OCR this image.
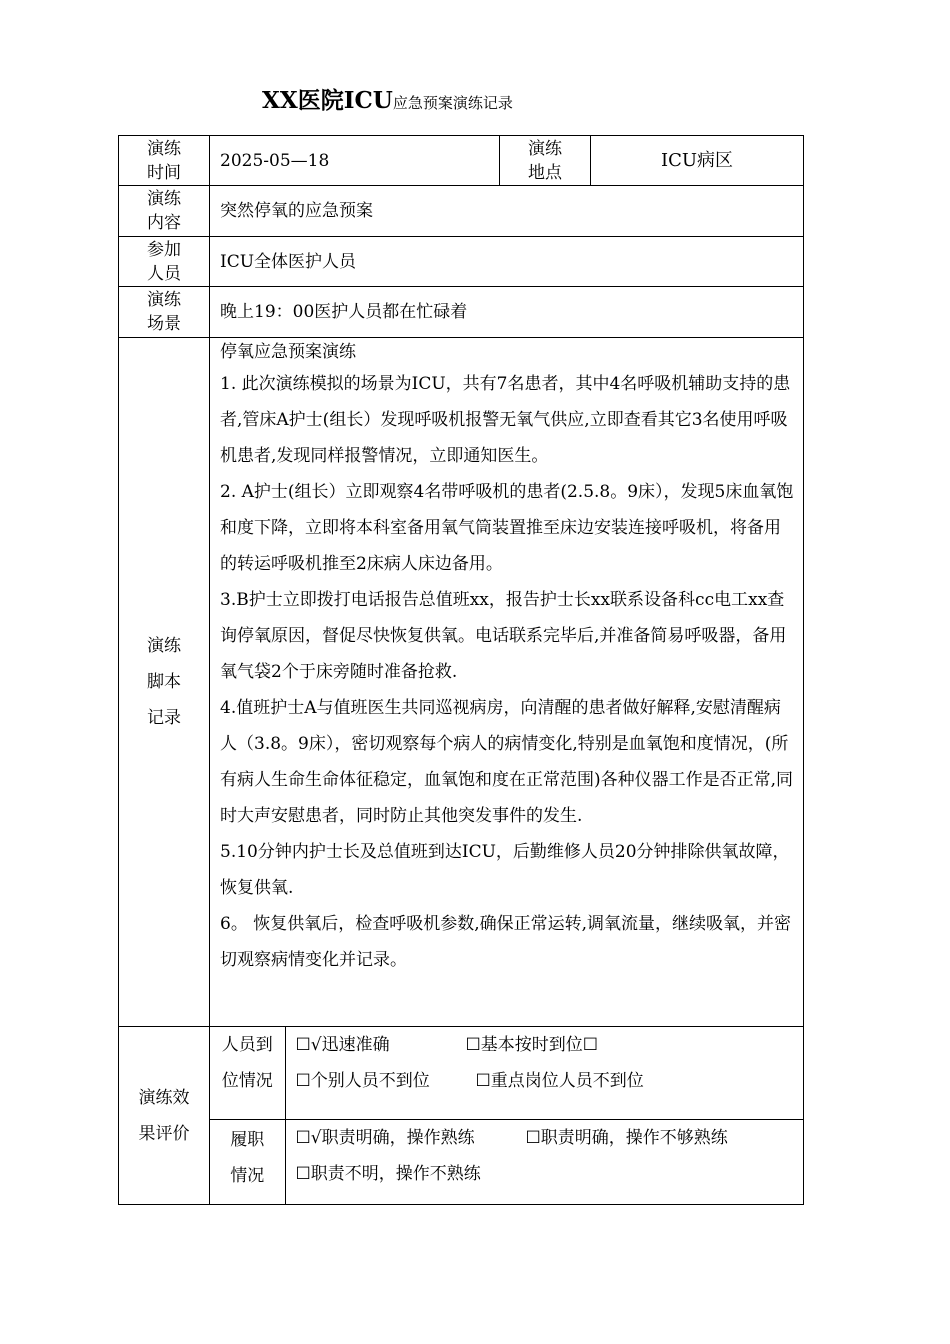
XX医院ICU应急预案演练记录
演练时间
	2025-05—18	
演练地点
	ICU病区

演练内容
	突然停氧的应急预案

参加人员
	ICU全体医护人员

演练场景
	晚上19：00医护人员都在忙碌着

演练
脚本
记录

停氧应急预案演练

1. 此次演练模拟的场景为ICU，共有7名患者，其中4名呼吸机辅助支持的患者,管床A护士(组长）发现呼吸机报警无氧气供应,立即查看其它3名使用呼吸机患者,发现同样报警情况，立即通知医生。

2. A护士(组长）立即观察4名带呼吸机的患者(2.5.8。9床），发现5床血氧饱和度下降，立即将本科室备用氧气筒装置推至床边安装连接呼吸机，将备用的转运呼吸机推至2床病人床边备用。

3.B护士立即拨打电话报告总值班xx，报告护士长xx联系设备科cc电工xx查询停氧原因，督促尽快恢复供氧。电话联系完毕后,并准备简易呼吸器，备用氧气袋2个于床旁随时准备抢救.

4.值班护士A与值班医生共同巡视病房，向清醒的患者做好解释,安慰清醒病人（3.8。9床），密切观察每个病人的病情变化,特别是血氧饱和度情况，(所有病人生命生命体征稳定，血氧饱和度在正常范围)各种仪器工作是否正常,同时大声安慰患者，同时防止其他突发事件的发生.

5.10分钟内护士长及总值班到达ICU，后勤维修人员20分钟排除供氧故障，恢复供氧.

6。 恢复供氧后，检查呼吸机参数,确保正常运转,调氧流量，继续吸氧，并密切观察病情变化并记录。

演练效
果评价

人员到
位情况

☐√迅速准确	☐基本按时到位☐
☐个别人员不到位	☐重点岗位人员不到位

履职
情况

☐√职责明确，操作熟练	☐职责明确，操作不够熟练
☐职责不明，操作不熟练
